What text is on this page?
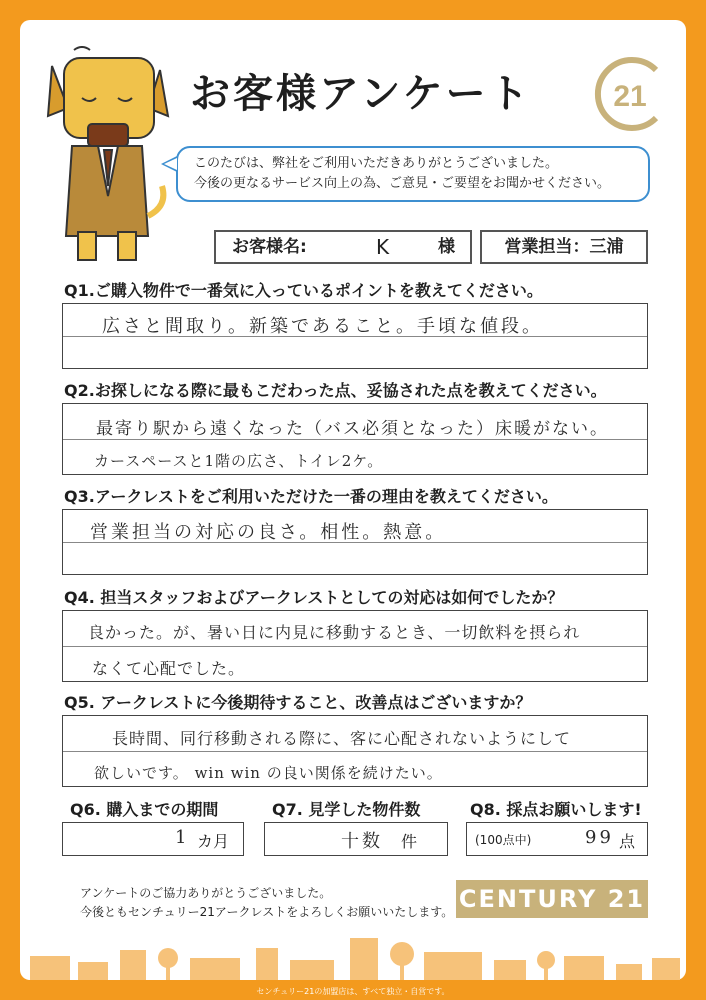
お客様アンケート	21
このたびは、弊社をご利用いただきありがとうございました。
今後の更なるサービス向上の為、ご意見・ご要望をお聞かせください。
お客様名:	K	様	営業担当：三浦
Q1.ご購入物件で一番気に入っているポイントを教えてください。
広さと間取り。新築であること。手頃な値段。
Q2.お探しになる際に最もこだわった点、妥協された点を教えてください。
最寄り駅から遠くなった（バス必須となった）床暖がない。
カースペースと1階の広さ、トイレ2ケ。
Q3.アークレストをご利用いただけた一番の理由を教えてください。
営業担当の対応の良さ。相性。熱意。
Q4. 担当スタッフおよびアークレストとしての対応は如何でしたか？
良かった。が、暑い日に内見に移動するとき、一切飲料を摂られ
なくて心配でした。
Q5. アークレストに今後期待すること、改善点はございますか？
長時間、同行移動される際に、客に心配されないようにして
欲しいです。 win win の良い関係を続けたい。
Q6. 購入までの期間	Q7. 見学した物件数	Q8. 採点お願いします!
1 カ月	十数 件	(100点中)	99 点
アンケートのご協力ありがとうございました。
今後ともセンチュリー21アークレストをよろしくお願いいたします。 CENTURY 21
センチュリー21の加盟店は、すべて独立・自営です。
